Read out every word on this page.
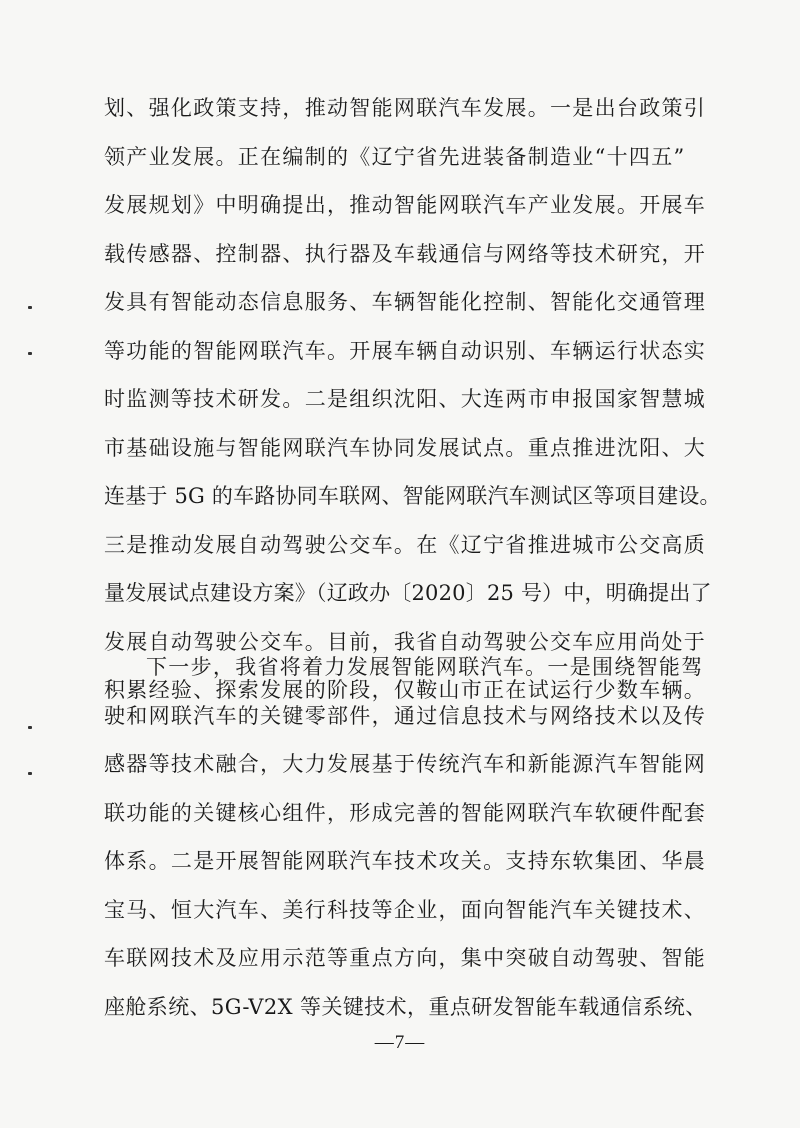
划、强化政策支持，推动智能网联汽车发展。一是出台政策引
领产业发展。正在编制的《辽宁省先进装备制造业“十四五”
发展规划》中明确提出，推动智能网联汽车产业发展。开展车
载传感器、控制器、执行器及车载通信与网络等技术研究，开
发具有智能动态信息服务、车辆智能化控制、智能化交通管理
等功能的智能网联汽车。开展车辆自动识别、车辆运行状态实
时监测等技术研发。二是组织沈阳、大连两市申报国家智慧城
市基础设施与智能网联汽车协同发展试点。重点推进沈阳、大
连基于 5G 的车路协同车联网、智能网联汽车测试区等项目建设。
三是推动发展自动驾驶公交车。在《辽宁省推进城市公交高质
量发展试点建设方案》（辽政办〔2020〕25 号）中，明确提出了
发展自动驾驶公交车。目前，我省自动驾驶公交车应用尚处于
积累经验、探索发展的阶段，仅鞍山市正在试运行少数车辆。
下一步，我省将着力发展智能网联汽车。一是围绕智能驾
驶和网联汽车的关键零部件，通过信息技术与网络技术以及传
感器等技术融合，大力发展基于传统汽车和新能源汽车智能网
联功能的关键核心组件，形成完善的智能网联汽车软硬件配套
体系。二是开展智能网联汽车技术攻关。支持东软集团、华晨
宝马、恒大汽车、美行科技等企业，面向智能汽车关键技术、
车联网技术及应用示范等重点方向，集中突破自动驾驶、智能
座舱系统、5G-V2X 等关键技术，重点研发智能车载通信系统、
—7—
